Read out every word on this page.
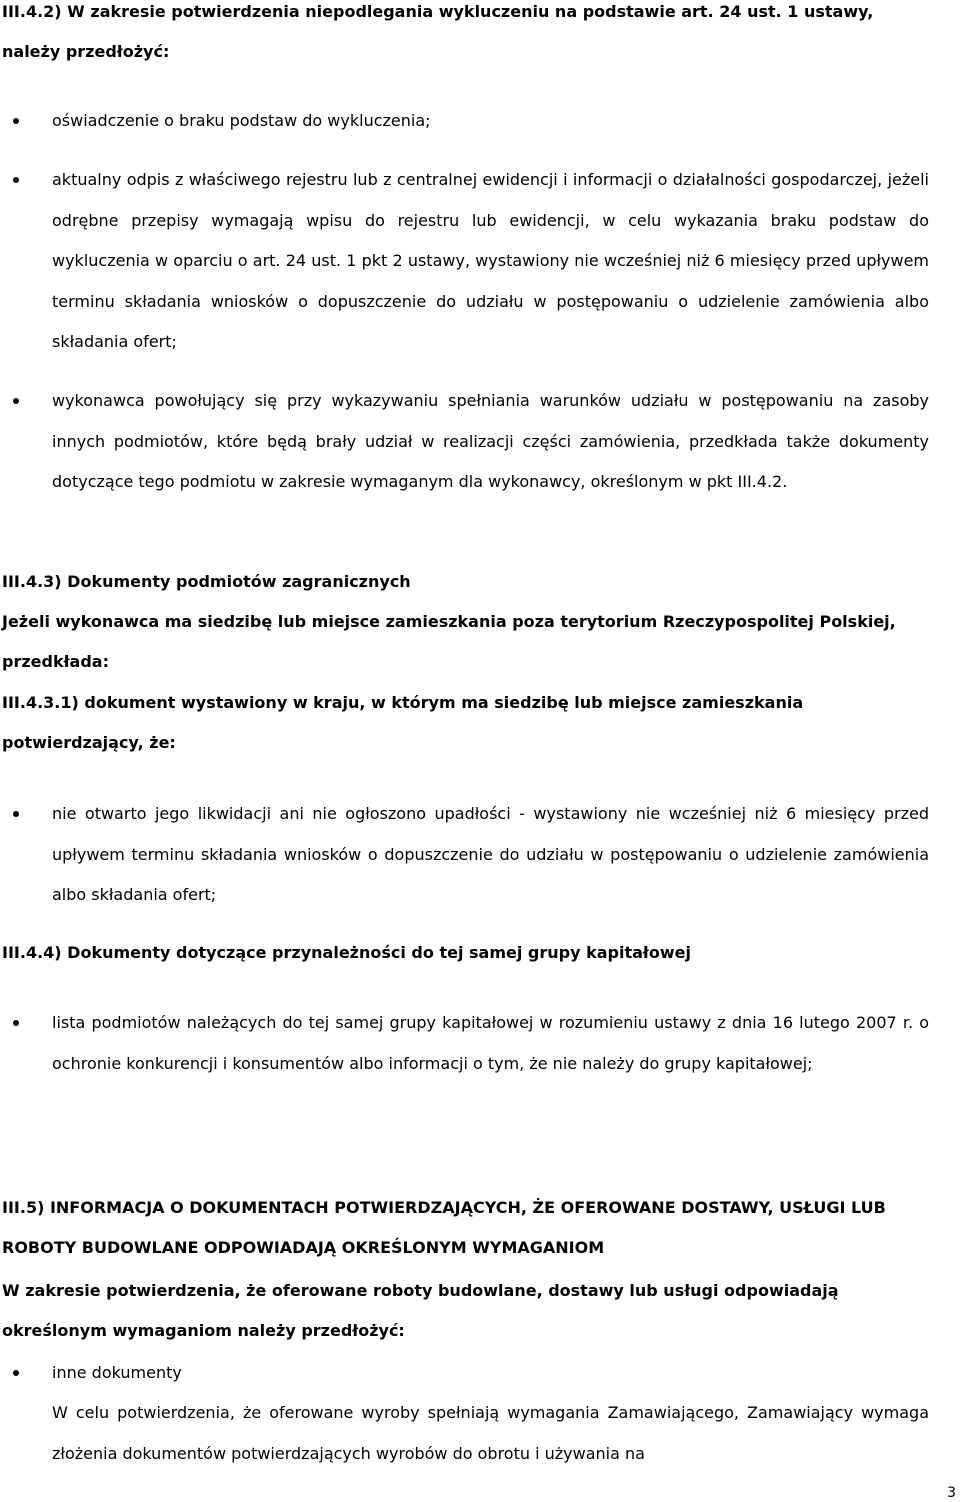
III.4.2) W zakresie potwierdzenia niepodlegania wykluczeniu na podstawie art. 24 ust. 1 ustawy, należy przedłożyć:

oświadczenie o braku podstaw do wykluczenia;

aktualny odpis z właściwego rejestru lub z centralnej ewidencji i informacji o działalności gospodarczej, jeżeli odrębne przepisy wymagają wpisu do rejestru lub ewidencji, w celu wykazania braku podstaw do wykluczenia w oparciu o art. 24 ust. 1 pkt 2 ustawy, wystawiony nie wcześniej niż 6 miesięcy przed upływem terminu składania wniosków o dopuszczenie do udziału w postępowaniu o udzielenie zamówienia albo składania ofert;

wykonawca powołujący się przy wykazywaniu spełniania warunków udziału w postępowaniu na zasoby innych podmiotów, które będą brały udział w realizacji części zamówienia, przedkłada także dokumenty dotyczące tego podmiotu w zakresie wymaganym dla wykonawcy, określonym w pkt III.4.2.

III.4.3) Dokumenty podmiotów zagranicznych

Jeżeli wykonawca ma siedzibę lub miejsce zamieszkania poza terytorium Rzeczypospolitej Polskiej, przedkłada:

III.4.3.1) dokument wystawiony w kraju, w którym ma siedzibę lub miejsce zamieszkania potwierdzający, że:

nie otwarto jego likwidacji ani nie ogłoszono upadłości - wystawiony nie wcześniej niż 6 miesięcy przed upływem terminu składania wniosków o dopuszczenie do udziału w postępowaniu o udzielenie zamówienia albo składania ofert;

III.4.4) Dokumenty dotyczące przynależności do tej samej grupy kapitałowej

lista podmiotów należących do tej samej grupy kapitałowej w rozumieniu ustawy z dnia 16 lutego 2007 r. o ochronie konkurencji i konsumentów albo informacji o tym, że nie należy do grupy kapitałowej;

III.5) INFORMACJA O DOKUMENTACH POTWIERDZAJĄCYCH, ŻE OFEROWANE DOSTAWY, USŁUGI LUB ROBOTY BUDOWLANE ODPOWIADAJĄ OKREŚLONYM WYMAGANIOM

W zakresie potwierdzenia, że oferowane roboty budowlane, dostawy lub usługi odpowiadają określonym wymaganiom należy przedłożyć:

inne dokumenty

W celu potwierdzenia, że oferowane wyroby spełniają wymagania Zamawiającego, Zamawiający wymaga złożenia dokumentów potwierdzających wyrobów do obrotu i używania na

3
